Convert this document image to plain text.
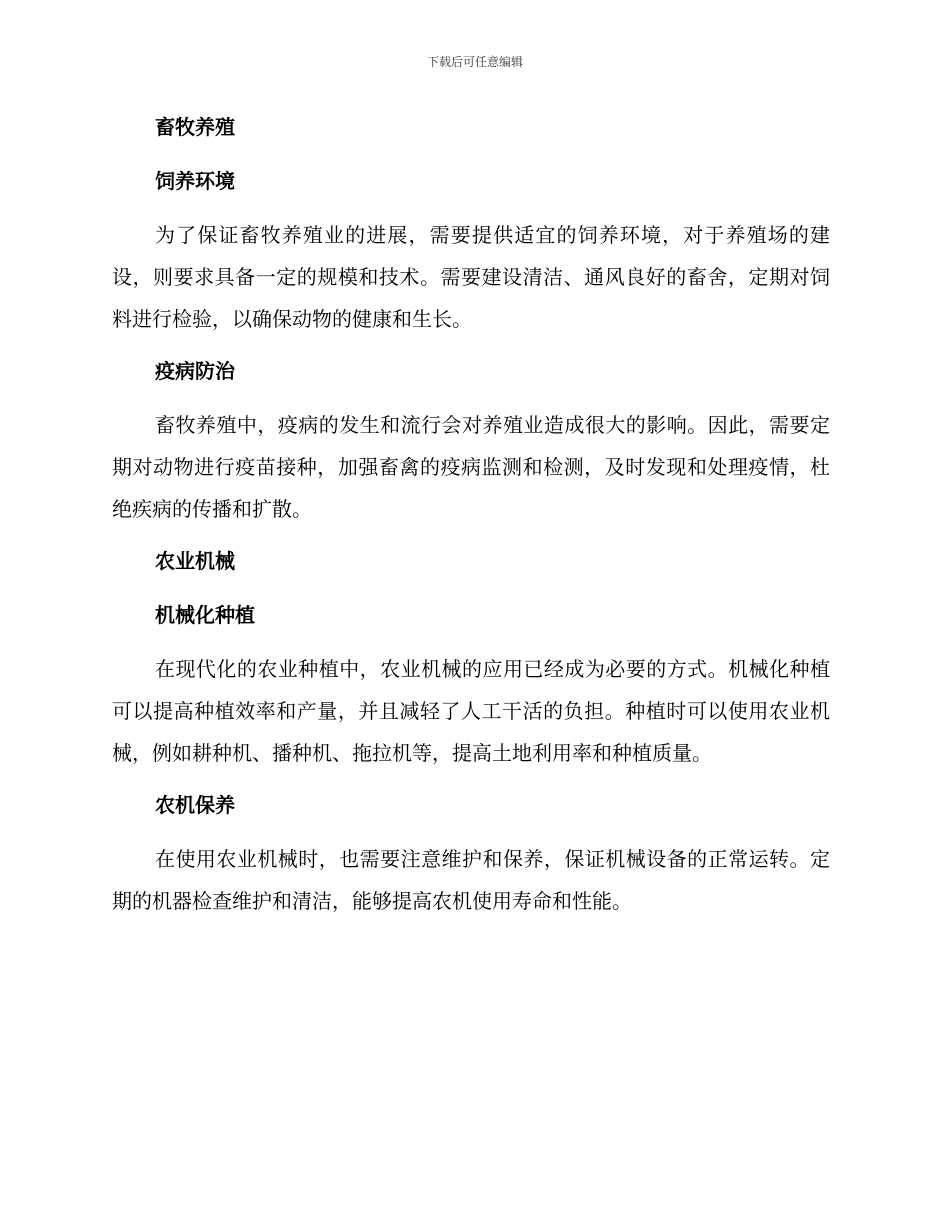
下载后可任意编辑
畜牧养殖
饲养环境

为了保证畜牧养殖业的进展，需要提供适宜的饲养环境，对于养殖场的建设，则要求具备一定的规模和技术。需要建设清洁、通风良好的畜舍，定期对饲料进行检验，以确保动物的健康和生长。

疫病防治

畜牧养殖中，疫病的发生和流行会对养殖业造成很大的影响。因此，需要定期对动物进行疫苗接种，加强畜禽的疫病监测和检测，及时发现和处理疫情，杜绝疾病的传播和扩散。

农业机械
机械化种植

在现代化的农业种植中，农业机械的应用已经成为必要的方式。机械化种植可以提高种植效率和产量，并且减轻了人工干活的负担。种植时可以使用农业机械，例如耕种机、播种机、拖拉机等，提高土地利用率和种植质量。

农机保养

在使用农业机械时，也需要注意维护和保养，保证机械设备的正常运转。定期的机器检查维护和清洁，能够提高农机使用寿命和性能。
